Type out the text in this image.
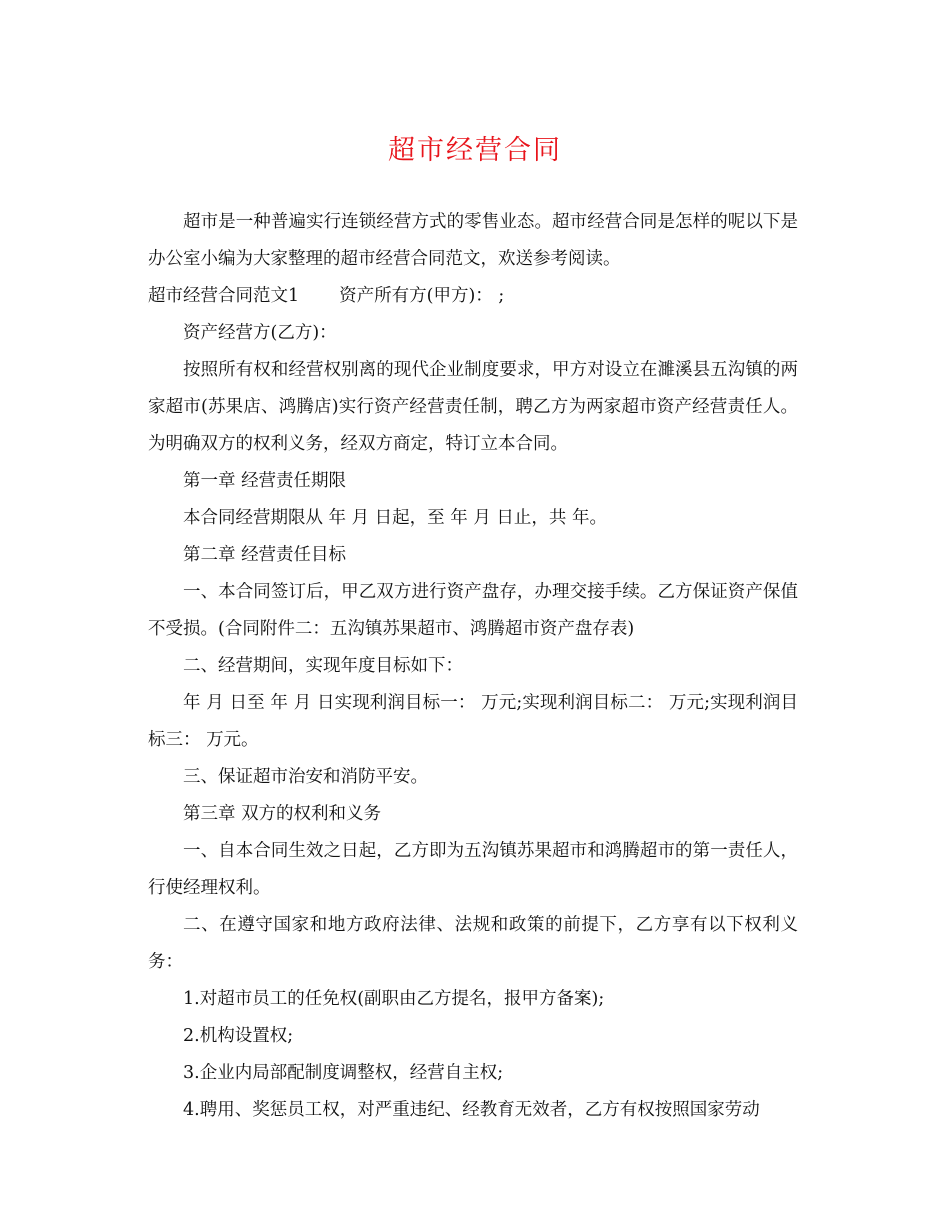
超市经营合同

超市是一种普遍实行连锁经营方式的零售业态。超市经营合同是怎样的呢以下是办公室小编为大家整理的超市经营合同范文，欢送参考阅读。

超市经营合同范文1 资产所有方(甲方)： ;

资产经营方(乙方)：

按照所有权和经营权别离的现代企业制度要求，甲方对设立在濉溪县五沟镇的两家超市(苏果店、鸿腾店)实行资产经营责任制，聘乙方为两家超市资产经营责任人。为明确双方的权利义务，经双方商定，特订立本合同。

第一章 经营责任期限

本合同经营期限从 年 月 日起，至 年 月 日止，共 年。

第二章 经营责任目标

一、本合同签订后，甲乙双方进行资产盘存，办理交接手续。乙方保证资产保值不受损。(合同附件二：五沟镇苏果超市、鸿腾超市资产盘存表)

二、经营期间，实现年度目标如下：

年 月 日至 年 月 日实现利润目标一： 万元;实现利润目标二： 万元;实现利润目标三： 万元。

三、保证超市治安和消防平安。

第三章 双方的权利和义务

一、自本合同生效之日起，乙方即为五沟镇苏果超市和鸿腾超市的第一责任人，行使经理权利。

二、在遵守国家和地方政府法律、法规和政策的前提下，乙方享有以下权利义务：

1.对超市员工的任免权(副职由乙方提名，报甲方备案);

2.机构设置权;

3.企业内局部配制度调整权，经营自主权;

4.聘用、奖惩员工权，对严重违纪、经教育无效者，乙方有权按照国家劳动
